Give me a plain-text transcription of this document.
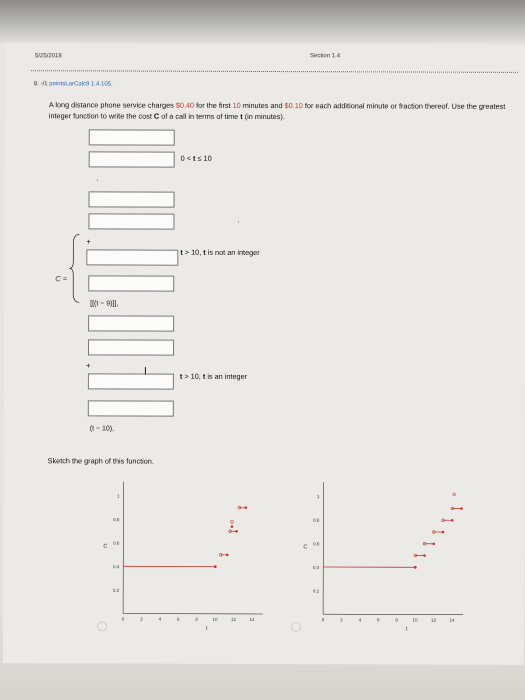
5/25/2018	Section 1.4
8. -/1 pointsLarCalc9 1.4.105.
A long distance phone service charges $0.40 for the first 10 minutes and $0.10 for each additional minute or fraction thereof. Use the greatest integer function to write the cost C of a call in terms of time t (in minutes).
0 < t ≤ 10
,
,
+
t > 10, t is not an integer
[[(t − 9)]],
C =
+	I	t > 10, t is an integer
(t − 10),
Sketch the graph of this function.
1
0.8
0.6
0.4
0.2
0	2	4	6	8	10	12	14
C
t
1
0.8
0.6
0.4
0.2
0	2	4	6	8	10	12	14
C
t
